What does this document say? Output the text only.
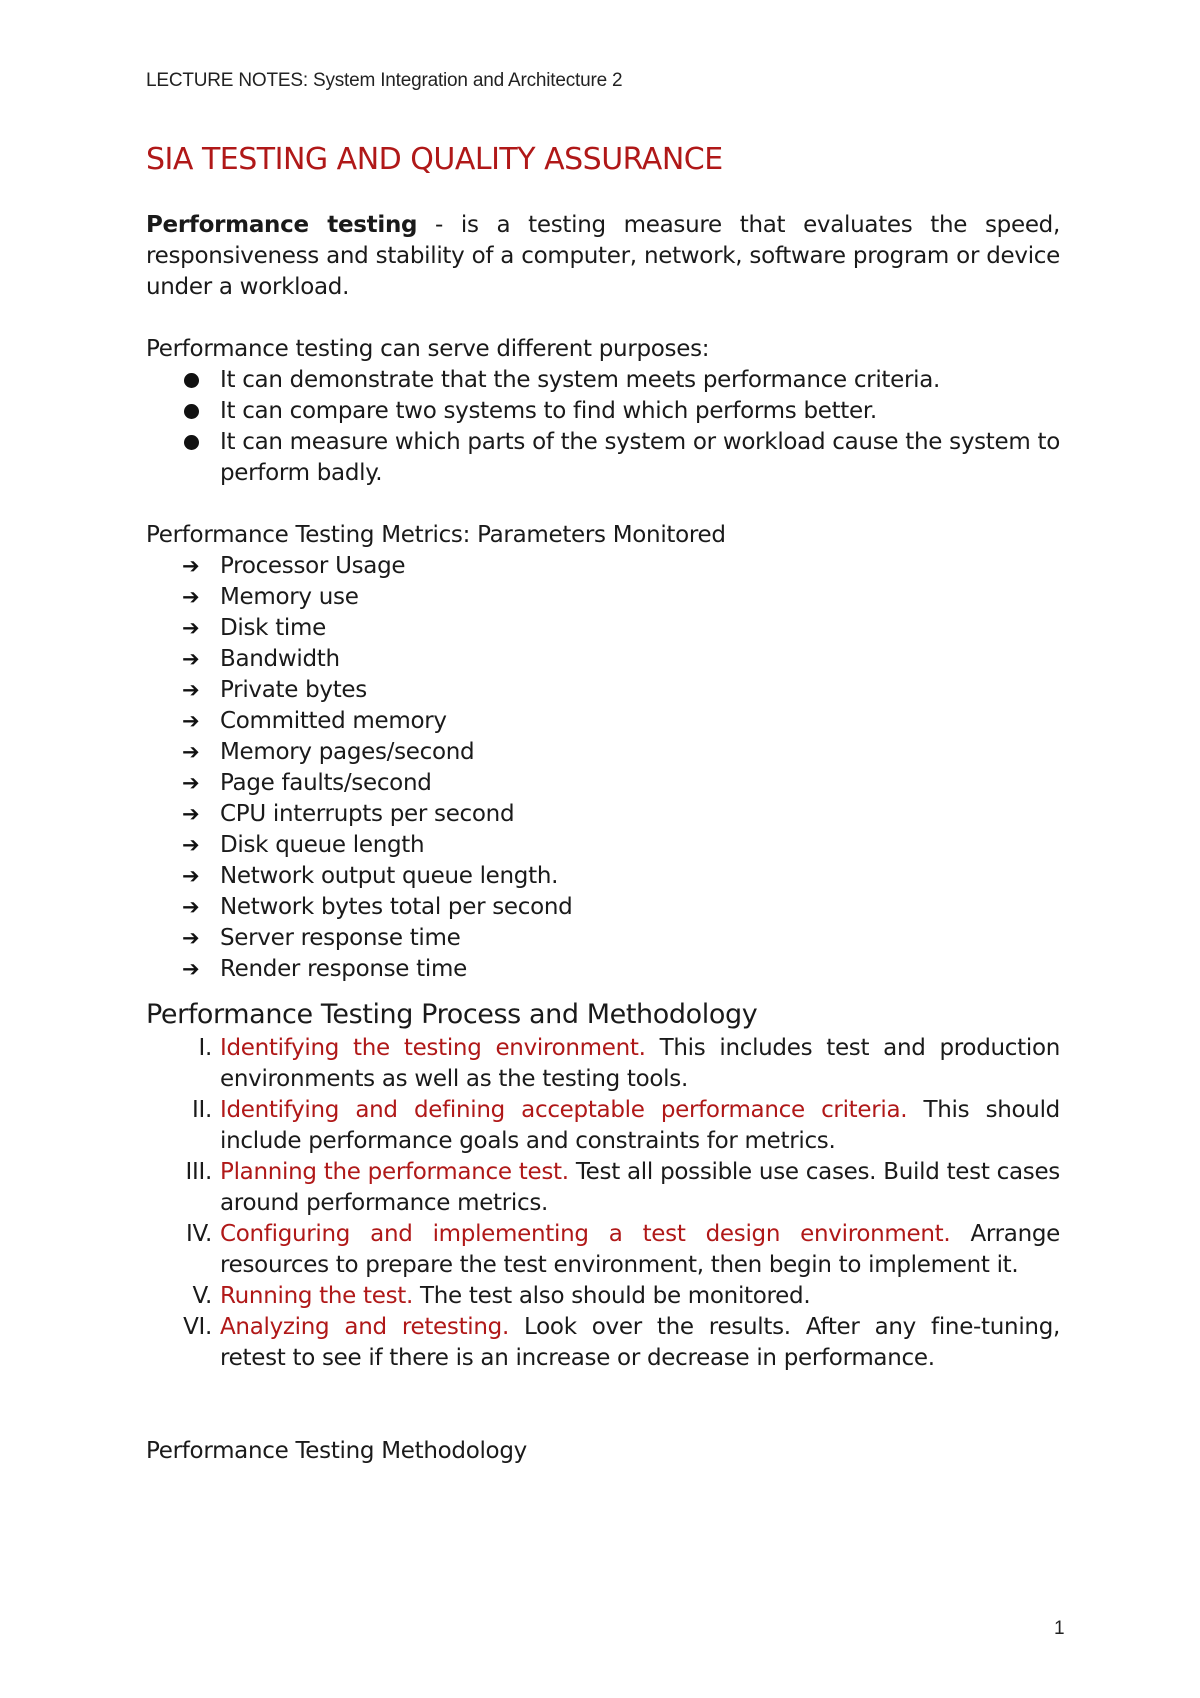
LECTURE NOTES: System Integration and Architecture 2
SIA TESTING AND QUALITY ASSURANCE

Performance testing - is a testing measure that evaluates the speed, responsiveness and stability of a computer, network, software program or device under a workload.

Performance testing can serve different purposes:

It can demonstrate that the system meets performance criteria.
It can compare two systems to find which performs better.
It can measure which parts of the system or workload cause the system to perform badly.

Performance Testing Metrics: Parameters Monitored

➔ Processor Usage
➔ Memory use
➔ Disk time
➔ Bandwidth
➔ Private bytes
➔ Committed memory
➔ Memory pages/second
➔ Page faults/second
➔ CPU interrupts per second
➔ Disk queue length
➔ Network output queue length.
➔ Network bytes total per second
➔ Server response time
➔ Render response time
Performance Testing Process and Methodology
I. Identifying the testing environment. This includes test and production environments as well as the testing tools.
II. Identifying and defining acceptable performance criteria. This should include performance goals and constraints for metrics.
III. Planning the performance test. Test all possible use cases. Build test cases around performance metrics.
IV. Configuring and implementing a test design environment. Arrange resources to prepare the test environment, then begin to implement it.
V. Running the test. The test also should be monitored.
VI. Analyzing and retesting. Look over the results. After any fine-tuning, retest to see if there is an increase or decrease in performance.

Performance Testing Methodology

1
